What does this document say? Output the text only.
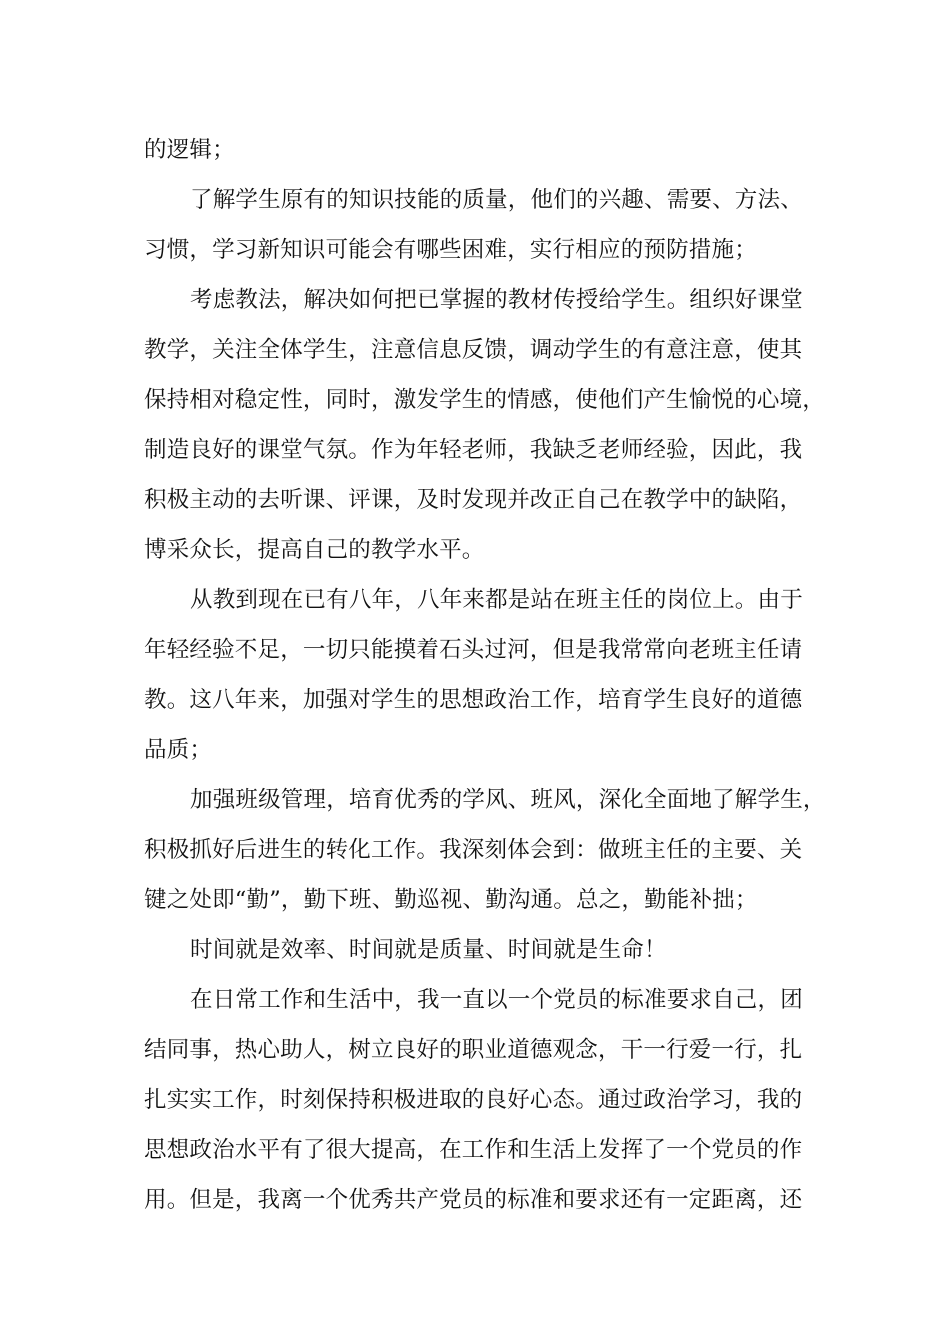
的逻辑；
了解学生原有的知识技能的质量，他们的兴趣、需要、方法、
习惯，学习新知识可能会有哪些困难，实行相应的预防措施；
考虑教法，解决如何把已掌握的教材传授给学生。组织好课堂
教学，关注全体学生，注意信息反馈，调动学生的有意注意，使其
保持相对稳定性，同时，激发学生的情感，使他们产生愉悦的心境，
制造良好的课堂气氛。作为年轻老师，我缺乏老师经验，因此，我
积极主动的去听课、评课，及时发现并改正自己在教学中的缺陷，
博采众长，提高自己的教学水平。
从教到现在已有八年，八年来都是站在班主任的岗位上。由于
年轻经验不足，一切只能摸着石头过河，但是我常常向老班主任请
教。这八年来，加强对学生的思想政治工作，培育学生良好的道德
品质；
加强班级管理，培育优秀的学风、班风，深化全面地了解学生，
积极抓好后进生的转化工作。我深刻体会到：做班主任的主要、关
键之处即“勤”，勤下班、勤巡视、勤沟通。总之，勤能补拙；
时间就是效率、时间就是质量、时间就是生命！
在日常工作和生活中，我一直以一个党员的标准要求自己，团
结同事，热心助人，树立良好的职业道德观念，干一行爱一行，扎
扎实实工作，时刻保持积极进取的良好心态。通过政治学习，我的
思想政治水平有了很大提高，在工作和生活上发挥了一个党员的作
用。但是，我离一个优秀共产党员的标准和要求还有一定距离，还
